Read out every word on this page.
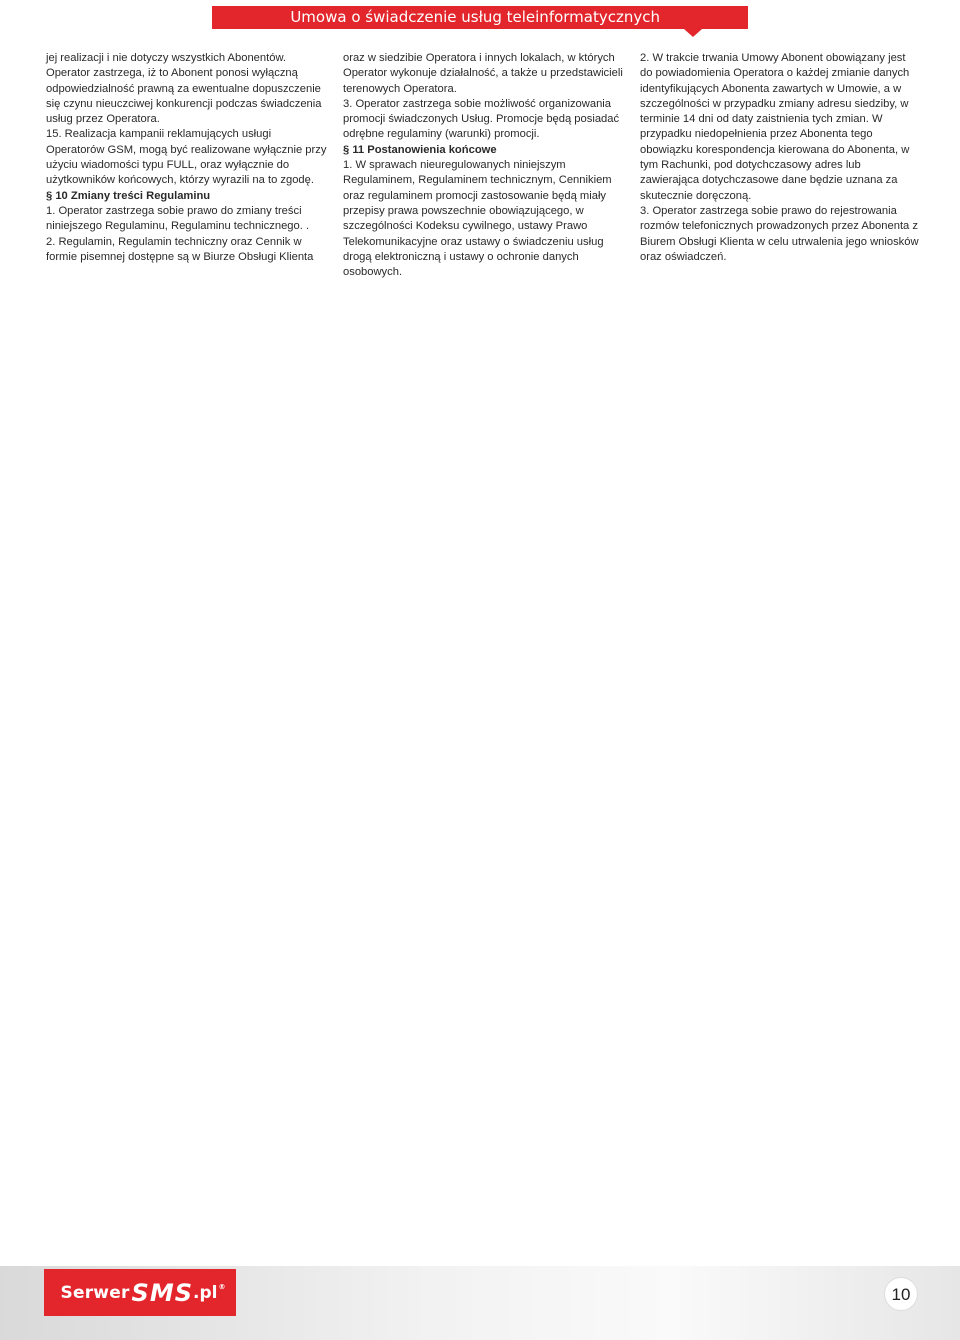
Umowa o świadczenie usług teleinformatycznych

jej realizacji i nie dotyczy wszystkich Abonentów. Operator zastrzega, iż to Abonent ponosi wyłączną odpowiedzialność prawną za ewentualne dopuszczenie się czynu nieuczciwej konkurencji podczas świadczenia usług przez Operatora.

15. Realizacja kampanii reklamujących usługi Operatorów GSM, mogą być realizowane wyłącznie przy użyciu wiadomości typu FULL, oraz wyłącznie do użytkowników końcowych, którzy wyrazili na to zgodę.

§ 10 Zmiany treści Regulaminu

1. Operator zastrzega sobie prawo do zmiany treści niniejszego Regulaminu, Regulaminu technicznego. .

2. Regulamin, Regulamin techniczny oraz Cennik w formie pisemnej dostępne są w Biurze Obsługi Klienta

oraz w siedzibie Operatora i innych lokalach, w których Operator wykonuje działalność, a także u przedstawicieli terenowych Operatora.

3. Operator zastrzega sobie możliwość organizowania promocji świadczonych Usług. Promocje będą posiadać odrębne regulaminy (warunki) promocji.

§ 11 Postanowienia końcowe

1. W sprawach nieuregulowanych niniejszym Regulaminem, Regulaminem technicznym, Cennikiem oraz regulaminem promocji zastosowanie będą miały przepisy prawa powszechnie obowiązującego, w szczególności Kodeksu cywilnego, ustawy Prawo Telekomunikacyjne oraz ustawy o świadczeniu usług drogą elektroniczną i ustawy o ochronie danych osobowych.

2. W trakcie trwania Umowy Abonent obowiązany jest do powiadomienia Operatora o każdej zmianie danych identyfikujących Abonenta zawartych w Umowie, a w szczególności w przypadku zmiany adresu siedziby, w terminie 14 dni od daty zaistnienia tych zmian. W przypadku niedopełnienia przez Abonenta tego obowiązku korespondencja kierowana do Abonenta, w tym Rachunki, pod dotychczasowy adres lub zawierająca dotychczasowe dane będzie uznana za skutecznie doręczoną.

3. Operator zastrzega sobie prawo do rejestrowania rozmów telefonicznych prowadzonych przez Abonenta z Biurem Obsługi Klienta w celu utrwalenia jego wniosków oraz oświadczeń.

Serwer SMS .pl ®	10
